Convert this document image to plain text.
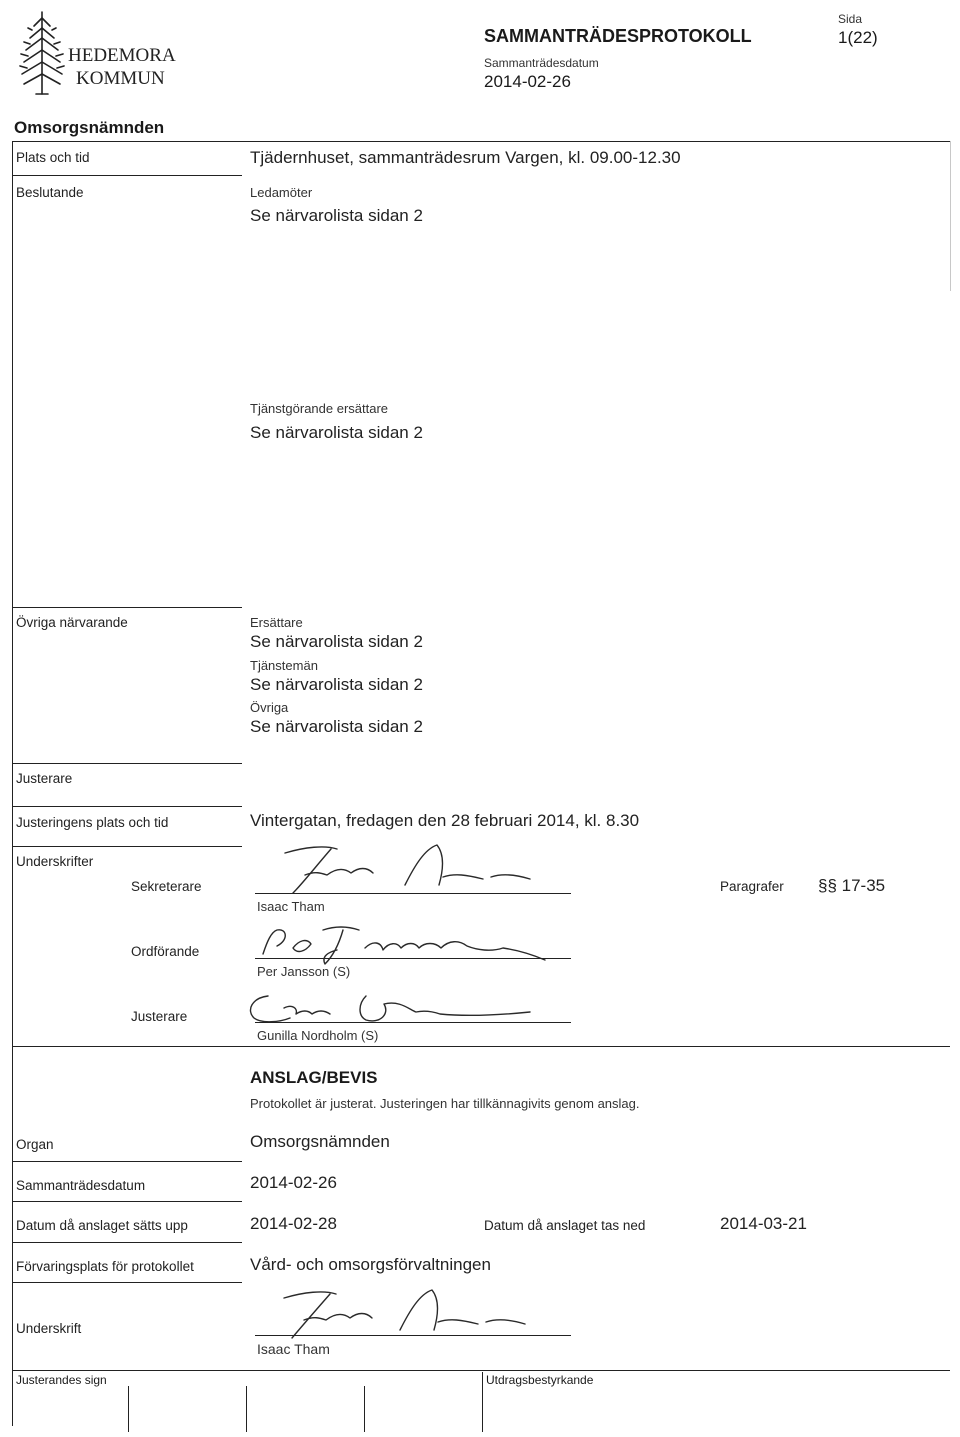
HEDEMORA
KOMMUN
SAMMANTRÄDESPROTOKOLL
Sammanträdesdatum
2014-02-26
Sida
1(22)
Omsorgsnämnden
Plats och tid	Tjädernhuset, sammanträdesrum Vargen, kl. 09.00-12.30
Beslutande	Ledamöter
Se närvarolista sidan 2
Tjänstgörande ersättare
Se närvarolista sidan 2
Övriga närvarande	Ersättare
Se närvarolista sidan 2
Tjänstemän
Se närvarolista sidan 2
Övriga
Se närvarolista sidan 2
Justerare
Justeringens plats och tid	Vintergatan, fredagen den 28 februari 2014, kl. 8.30
Underskrifter
Sekreterare
Isaac Tham
Paragrafer §§ 17-35
Ordförande
Per Jansson (S)
Justerare
Gunilla Nordholm (S)
ANSLAG/BEVIS
Protokollet är justerat. Justeringen har tillkännagivits genom anslag.
Organ	Omsorgsnämnden
Sammanträdesdatum	2014-02-26
Datum då anslaget sätts upp	2014-02-28	Datum då anslaget tas ned	2014-03-21
Förvaringsplats för protokollet	Vård- och omsorgsförvaltningen
Underskrift
Isaac Tham
Justerandes sign	Utdragsbestyrkande
